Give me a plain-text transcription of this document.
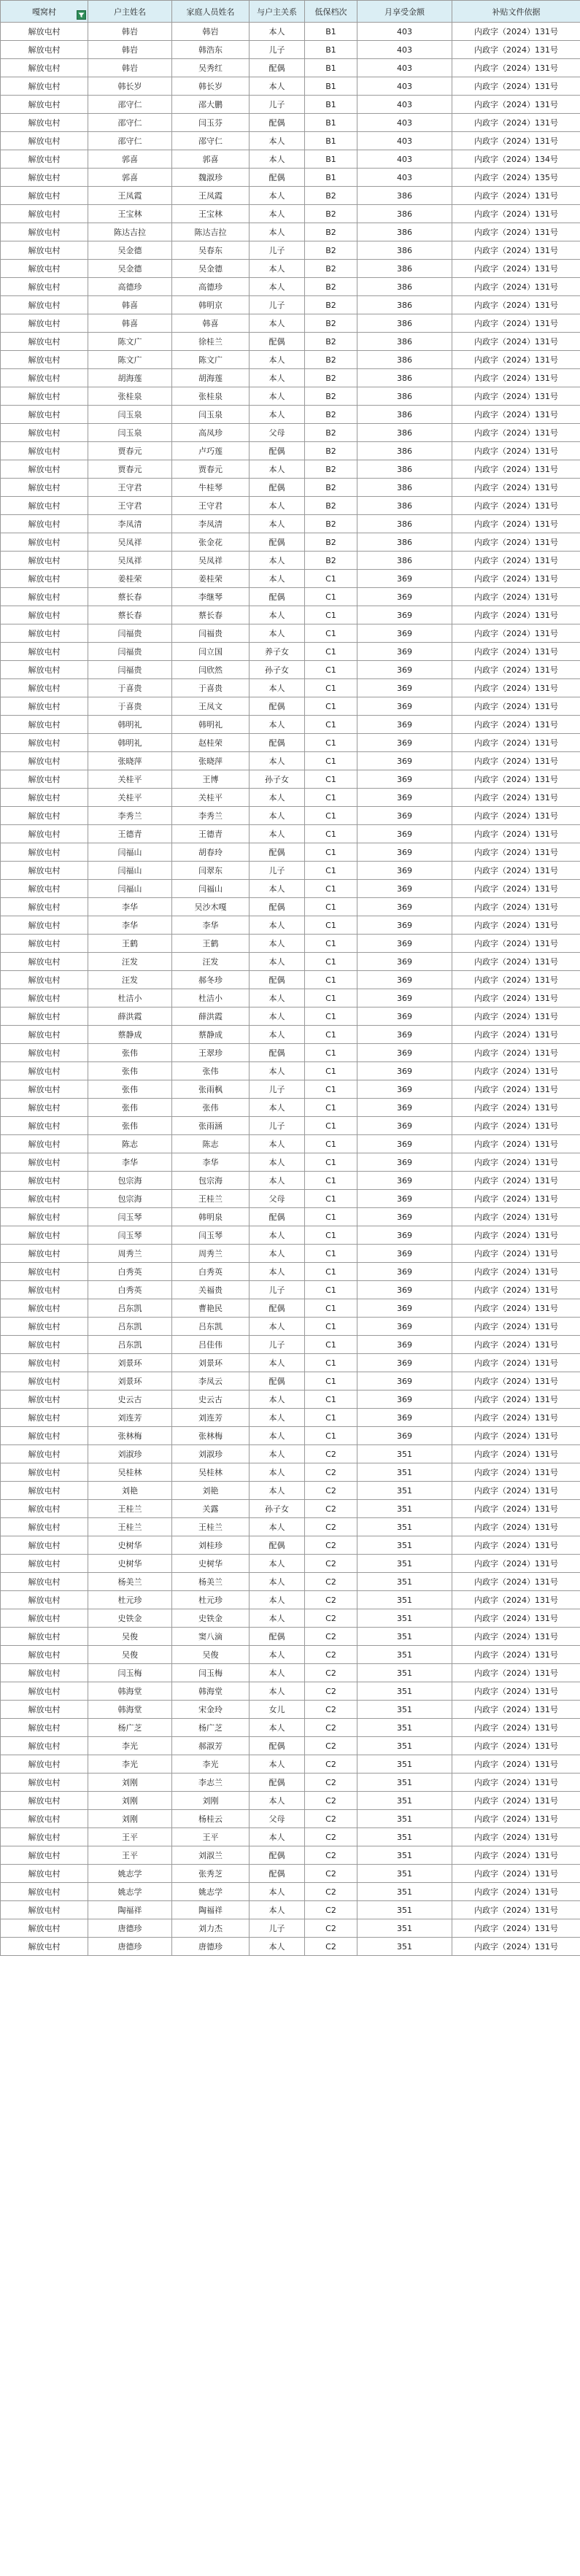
嘎窝村	户主姓名	家庭人员姓名	与户主关系	低保档次	月享受金额	补贴文件依据
解放屯村	韩岩	韩岩	本人	B1	403	内政字（2024）131号
解放屯村	韩岩	韩浩东	儿子	B1	403	内政字（2024）131号
解放屯村	韩岩	吴秀红	配偶	B1	403	内政字（2024）131号
解放屯村	韩长岁	韩长岁	本人	B1	403	内政字（2024）131号
解放屯村	邵守仁	邵大鹏	儿子	B1	403	内政字（2024）131号
解放屯村	邵守仁	闫玉芬	配偶	B1	403	内政字（2024）131号
解放屯村	邵守仁	邵守仁	本人	B1	403	内政字（2024）131号
解放屯村	郭喜	郭喜	本人	B1	403	内政字（2024）134号
解放屯村	郭喜	魏淑珍	配偶	B1	403	内政字（2024）135号
解放屯村	王凤霞	王凤霞	本人	B2	386	内政字（2024）131号
解放屯村	王宝林	王宝林	本人	B2	386	内政字（2024）131号
解放屯村	陈达吉拉	陈达吉拉	本人	B2	386	内政字（2024）131号
解放屯村	吴金德	吴春东	儿子	B2	386	内政字（2024）131号
解放屯村	吴金德	吴金德	本人	B2	386	内政字（2024）131号
解放屯村	高德珍	高德珍	本人	B2	386	内政字（2024）131号
解放屯村	韩喜	韩明京	儿子	B2	386	内政字（2024）131号
解放屯村	韩喜	韩喜	本人	B2	386	内政字（2024）131号
解放屯村	陈文广	徐桂兰	配偶	B2	386	内政字（2024）131号
解放屯村	陈文广	陈文广	本人	B2	386	内政字（2024）131号
解放屯村	胡海莲	胡海莲	本人	B2	386	内政字（2024）131号
解放屯村	张桂泉	张桂泉	本人	B2	386	内政字（2024）131号
解放屯村	闫玉泉	闫玉泉	本人	B2	386	内政字（2024）131号
解放屯村	闫玉泉	高凤珍	父母	B2	386	内政字（2024）131号
解放屯村	贾春元	卢巧莲	配偶	B2	386	内政字（2024）131号
解放屯村	贾春元	贾春元	本人	B2	386	内政字（2024）131号
解放屯村	王守君	牛桂琴	配偶	B2	386	内政字（2024）131号
解放屯村	王守君	王守君	本人	B2	386	内政字（2024）131号
解放屯村	李凤清	李凤清	本人	B2	386	内政字（2024）131号
解放屯村	吴凤祥	张金花	配偶	B2	386	内政字（2024）131号
解放屯村	吴凤祥	吴凤祥	本人	B2	386	内政字（2024）131号
解放屯村	姜桂荣	姜桂荣	本人	C1	369	内政字（2024）131号
解放屯村	蔡长春	李继琴	配偶	C1	369	内政字（2024）131号
解放屯村	蔡长春	蔡长春	本人	C1	369	内政字（2024）131号
解放屯村	闫福贵	闫福贵	本人	C1	369	内政字（2024）131号
解放屯村	闫福贵	闫立国	养子女	C1	369	内政字（2024）131号
解放屯村	闫福贵	闫欣然	孙子女	C1	369	内政字（2024）131号
解放屯村	于喜贵	于喜贵	本人	C1	369	内政字（2024）131号
解放屯村	于喜贵	王凤文	配偶	C1	369	内政字（2024）131号
解放屯村	韩明礼	韩明礼	本人	C1	369	内政字（2024）131号
解放屯村	韩明礼	赵桂荣	配偶	C1	369	内政字（2024）131号
解放屯村	张晓萍	张晓萍	本人	C1	369	内政字（2024）131号
解放屯村	关桂平	王博	孙子女	C1	369	内政字（2024）131号
解放屯村	关桂平	关桂平	本人	C1	369	内政字（2024）131号
解放屯村	李秀兰	李秀兰	本人	C1	369	内政字（2024）131号
解放屯村	王德青	王德青	本人	C1	369	内政字（2024）131号
解放屯村	闫福山	胡春玲	配偶	C1	369	内政字（2024）131号
解放屯村	闫福山	闫翠东	儿子	C1	369	内政字（2024）131号
解放屯村	闫福山	闫福山	本人	C1	369	内政字（2024）131号
解放屯村	李华	吴沙木嘎	配偶	C1	369	内政字（2024）131号
解放屯村	李华	李华	本人	C1	369	内政字（2024）131号
解放屯村	王鹤	王鹤	本人	C1	369	内政字（2024）131号
解放屯村	汪发	汪发	本人	C1	369	内政字（2024）131号
解放屯村	汪发	郝冬珍	配偶	C1	369	内政字（2024）131号
解放屯村	杜洁小	杜洁小	本人	C1	369	内政字（2024）131号
解放屯村	薛洪霞	薛洪霞	本人	C1	369	内政字（2024）131号
解放屯村	蔡静成	蔡静成	本人	C1	369	内政字（2024）131号
解放屯村	张伟	王翠珍	配偶	C1	369	内政字（2024）131号
解放屯村	张伟	张伟	本人	C1	369	内政字（2024）131号
解放屯村	张伟	张雨枫	儿子	C1	369	内政字（2024）131号
解放屯村	张伟	张伟	本人	C1	369	内政字（2024）131号
解放屯村	张伟	张雨涵	儿子	C1	369	内政字（2024）131号
解放屯村	陈志	陈志	本人	C1	369	内政字（2024）131号
解放屯村	李华	李华	本人	C1	369	内政字（2024）131号
解放屯村	包宗海	包宗海	本人	C1	369	内政字（2024）131号
解放屯村	包宗海	王桂兰	父母	C1	369	内政字（2024）131号
解放屯村	闫玉琴	韩明泉	配偶	C1	369	内政字（2024）131号
解放屯村	闫玉琴	闫玉琴	本人	C1	369	内政字（2024）131号
解放屯村	周秀兰	周秀兰	本人	C1	369	内政字（2024）131号
解放屯村	白秀英	白秀英	本人	C1	369	内政字（2024）131号
解放屯村	白秀英	关福贵	儿子	C1	369	内政字（2024）131号
解放屯村	吕东凯	曹艳民	配偶	C1	369	内政字（2024）131号
解放屯村	吕东凯	吕东凯	本人	C1	369	内政字（2024）131号
解放屯村	吕东凯	吕佳伟	儿子	C1	369	内政字（2024）131号
解放屯村	刘景环	刘景环	本人	C1	369	内政字（2024）131号
解放屯村	刘景环	李凤云	配偶	C1	369	内政字（2024）131号
解放屯村	史云古	史云古	本人	C1	369	内政字（2024）131号
解放屯村	刘连芳	刘连芳	本人	C1	369	内政字（2024）131号
解放屯村	张林梅	张林梅	本人	C1	369	内政字（2024）131号
解放屯村	刘淑珍	刘淑珍	本人	C2	351	内政字（2024）131号
解放屯村	吴桂林	吴桂林	本人	C2	351	内政字（2024）131号
解放屯村	刘艳	刘艳	本人	C2	351	内政字（2024）131号
解放屯村	王桂兰	关露	孙子女	C2	351	内政字（2024）131号
解放屯村	王桂兰	王桂兰	本人	C2	351	内政字（2024）131号
解放屯村	史树华	刘桂珍	配偶	C2	351	内政字（2024）131号
解放屯村	史树华	史树华	本人	C2	351	内政字（2024）131号
解放屯村	杨美兰	杨美兰	本人	C2	351	内政字（2024）131号
解放屯村	杜元珍	杜元珍	本人	C2	351	内政字（2024）131号
解放屯村	史铁金	史铁金	本人	C2	351	内政字（2024）131号
解放屯村	吴俊	窦八滴	配偶	C2	351	内政字（2024）131号
解放屯村	吴俊	吴俊	本人	C2	351	内政字（2024）131号
解放屯村	闫玉梅	闫玉梅	本人	C2	351	内政字（2024）131号
解放屯村	韩海堂	韩海堂	本人	C2	351	内政字（2024）131号
解放屯村	韩海堂	宋金玲	女儿	C2	351	内政字（2024）131号
解放屯村	杨广芝	杨广芝	本人	C2	351	内政字（2024）131号
解放屯村	李光	郝淑芳	配偶	C2	351	内政字（2024）131号
解放屯村	李光	李光	本人	C2	351	内政字（2024）131号
解放屯村	刘刚	李志兰	配偶	C2	351	内政字（2024）131号
解放屯村	刘刚	刘刚	本人	C2	351	内政字（2024）131号
解放屯村	刘刚	杨桂云	父母	C2	351	内政字（2024）131号
解放屯村	王平	王平	本人	C2	351	内政字（2024）131号
解放屯村	王平	刘淑兰	配偶	C2	351	内政字（2024）131号
解放屯村	姚志学	张秀芝	配偶	C2	351	内政字（2024）131号
解放屯村	姚志学	姚志学	本人	C2	351	内政字（2024）131号
解放屯村	陶福祥	陶福祥	本人	C2	351	内政字（2024）131号
解放屯村	唐德珍	刘力杰	儿子	C2	351	内政字（2024）131号
解放屯村	唐德珍	唐德珍	本人	C2	351	内政字（2024）131号
